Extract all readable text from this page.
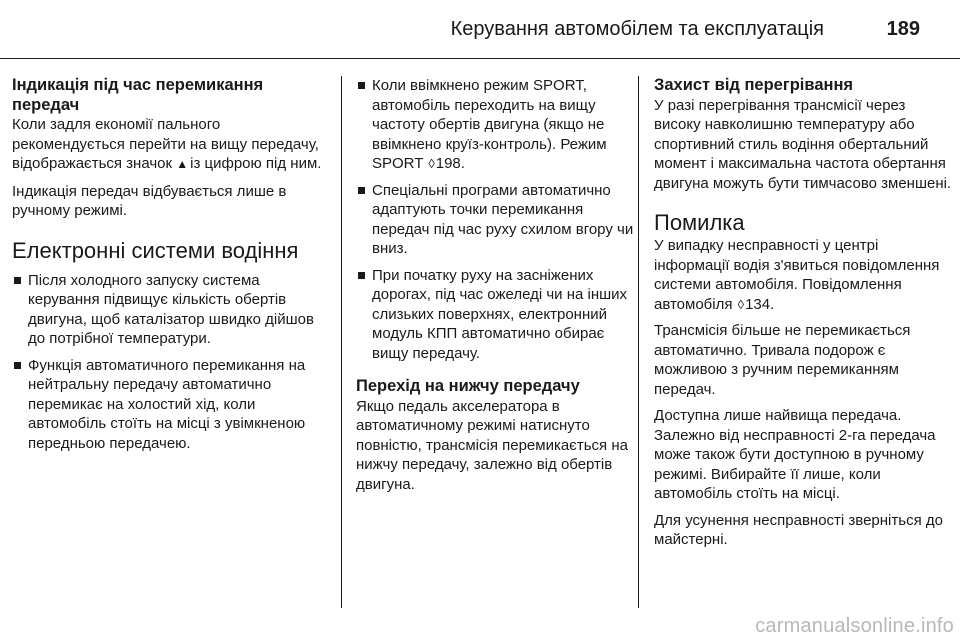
Керування автомобілем та експлуатація	189
Індикація під час перемикання передач

Коли задля економії пального рекомендується перейти на вищу передачу, відображається значок ▲ із цифрою під ним.

Індикація передач відбувається лише в ручному режимі.

Електронні системи водіння
Після холодного запуску система керування підвищує кількість обертів двигуна, щоб каталізатор швидко дійшов до потрібної температури.
Функція автоматичного перемикання на нейтральну передачу автоматично перемикає на холостий хід, коли автомобіль стоїть на місці з увімкненою передньою передачею.
Коли ввімкнено режим SPORT, автомобіль переходить на вищу частоту обертів двигуна (якщо не ввімкнено круїз-контроль). Режим SPORT ◊198.
Спеціальні програми автоматично адаптують точки перемикання передач під час руху схилом вгору чи вниз.
При початку руху на засніжених дорогах, під час ожеледі чи на інших слизьких поверхнях, електронний модуль КПП автоматично обирає вищу передачу.
Перехід на нижчу передачу

Якщо педаль акселератора в автоматичному режимі натиснуто повністю, трансмісія перемикається на нижчу передачу, залежно від обертів двигуна.

Захист від перегрівання

У разі перегрівання трансмісії через високу навколишню температуру або спортивний стиль водіння обертальний момент і максимальна частота обертання двигуна можуть бути тимчасово зменшені.

Помилка

У випадку несправності у центрі інформації водія з'явиться повідомлення системи автомобіля. Повідомлення автомобіля ◊134.

Трансмісія більше не перемикається автоматично. Тривала подорож є можливою з ручним перемиканням передач.

Доступна лише найвища передача. Залежно від несправності 2-га передача може також бути доступною в ручному режимі. Вибирайте її лише, коли автомобіль стоїть на місці.

Для усунення несправності зверніться до майстерні.

carmanualsonline.info
